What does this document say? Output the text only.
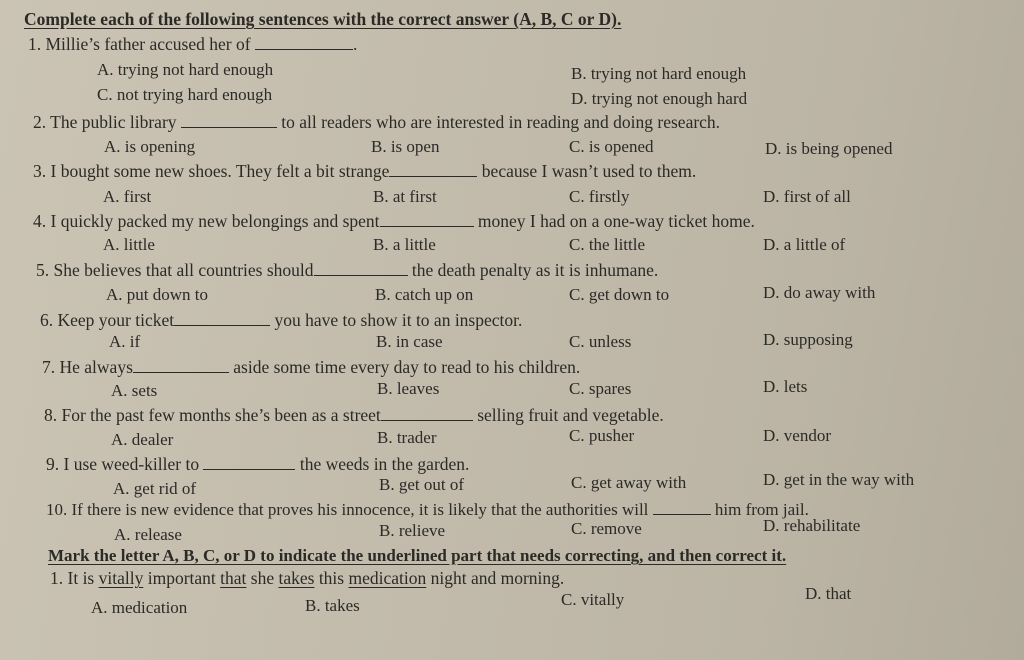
Complete each of the following sentences with the correct answer (A, B, C or D).
1. Millie’s father accused her of	.
A. trying not hard enough	B. trying not hard enough
C. not trying hard enough	D. trying not enough hard
2. The public library	to all readers who are interested in reading and doing research.
A. is opening	B. is open	C. is opened	D. is being opened
3. I bought some new shoes. They felt a bit strange	because I wasn’t used to them.
A. first	B. at first	C. firstly	D. first of all
4. I quickly packed my new belongings and spent	money I had on a one-way ticket home.
A. little	B. a little	C. the little	D. a little of
5. She believes that all countries should	the death penalty as it is inhumane.
A. put down to	B. catch up on	C. get down to	D. do away with
6. Keep your ticket	you have to show it to an inspector.
A. if	B. in case	C. unless	D. supposing
7. He always	aside some time every day to read to his children.
A. sets	B. leaves	C. spares	D. lets
8. For the past few months she’s been as a street	selling fruit and vegetable.
A. dealer	B. trader	C. pusher	D. vendor
9. I use weed-killer to	the weeds in the garden.
A. get rid of	B. get out of	C. get away with	D. get in the way with
10. If there is new evidence that proves his innocence, it is likely that the authorities will	him from jail.
A. release	B. relieve	C. remove	D. rehabilitate
Mark the letter A, B, C, or D to indicate the underlined part that needs correcting, and then correct it.
1. It is vitally important that she takes this medication night and morning.
A. medication	B. takes	C. vitally	D. that
